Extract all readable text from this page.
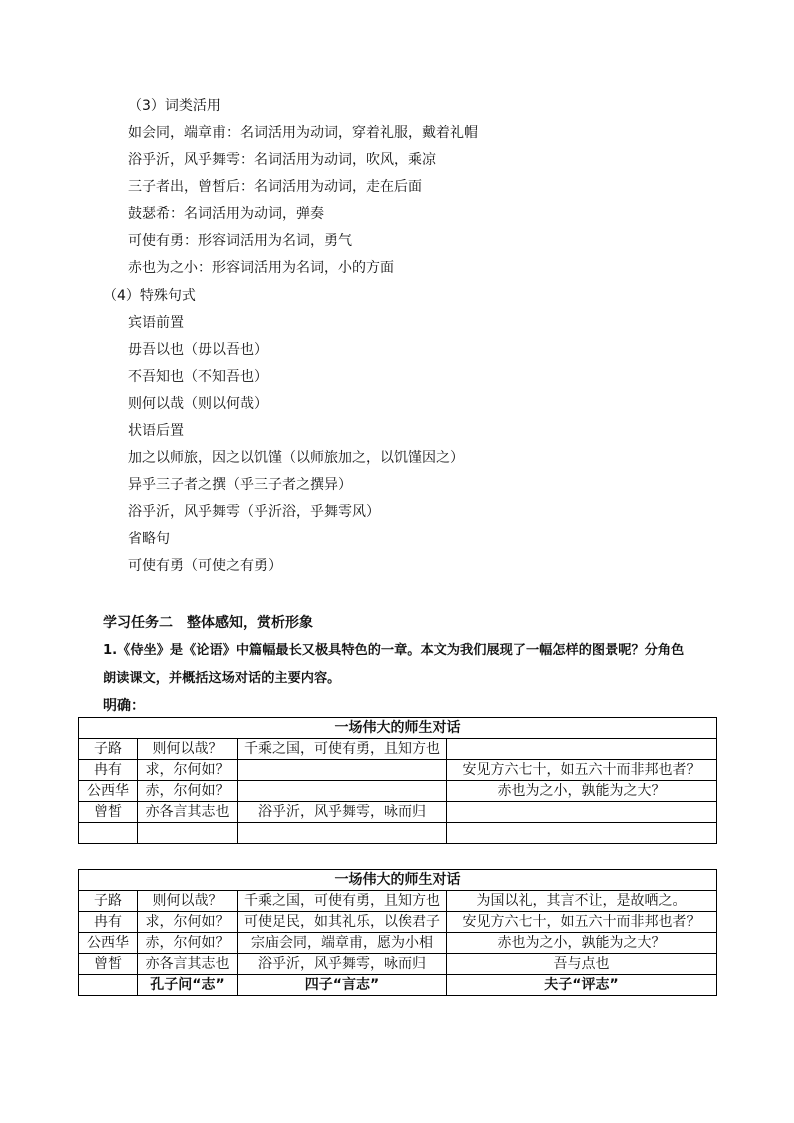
（3）词类活用
如会同，端章甫：名词活用为动词，穿着礼服，戴着礼帽
浴乎沂，风乎舞雩：名词活用为动词，吹风，乘凉
三子者出，曾皙后：名词活用为动词，走在后面
鼓瑟希：名词活用为动词，弹奏
可使有勇：形容词活用为名词，勇气
赤也为之小：形容词活用为名词，小的方面
（4）特殊句式
宾语前置
毋吾以也（毋以吾也）
不吾知也（不知吾也）
则何以哉（则以何哉）
状语后置
加之以师旅，因之以饥馑（以师旅加之，以饥馑因之）
异乎三子者之撰（乎三子者之撰异）
浴乎沂，风乎舞雩（乎沂浴，乎舞雩风）
省略句
可使有勇（可使之有勇）
学习任务二　整体感知，赏析形象
1.《侍坐》是《论语》中篇幅最长又极具特色的一章。本文为我们展现了一幅怎样的图景呢？分角色
朗读课文，并概括这场对话的主要内容。
明确：
一场伟大的师生对话			
子路	则何以哉？	千乘之国，可使有勇，且知方也	
冉有	求，尔何如？		安见方六七十，如五六十而非邦也者？
公西华	赤，尔何如？		赤也为之小，孰能为之大？
曾皙	亦各言其志也	浴乎沂，风乎舞雩，咏而归	

一场伟大的师生对话			
子路	则何以哉？	千乘之国，可使有勇，且知方也	为国以礼，其言不让，是故哂之。
冉有	求，尔何如？	可使足民，如其礼乐，以俟君子	安见方六七十，如五六十而非邦也者？
公西华	赤，尔何如？	宗庙会同，端章甫，愿为小相	赤也为之小，孰能为之大？
曾皙	亦各言其志也	浴乎沂，风乎舞雩，咏而归	吾与点也
	孔子问“志”	四子“言志”	夫子“评志”
